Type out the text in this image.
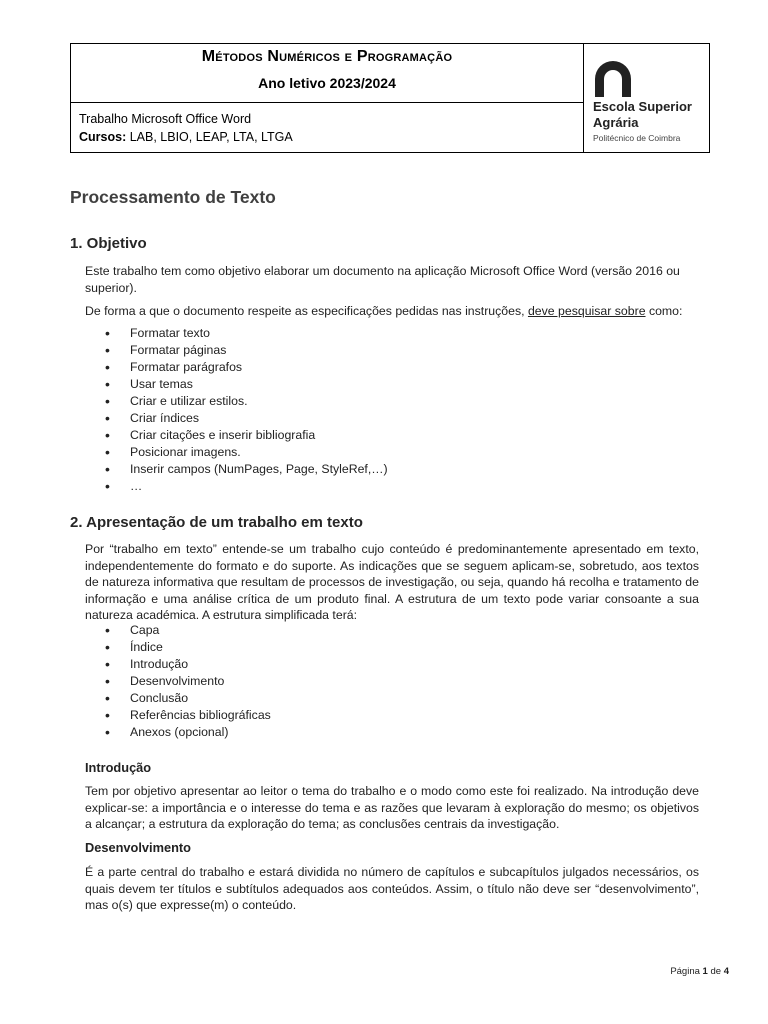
Métodos Numéricos e Programação
Ano letivo 2023/2024
Trabalho Microsoft Office Word
Cursos: LAB, LBIO, LEAP, LTA, LTGA
Escola Superior
Agrária
Politécnico de Coimbra
Processamento de Texto
1. Objetivo
Este trabalho tem como objetivo elaborar um documento na aplicação Microsoft Office Word (versão 2016 ou superior).
De forma a que o documento respeite as especificações pedidas nas instruções, deve pesquisar sobre como:
• Formatar texto
• Formatar páginas
• Formatar parágrafos
• Usar temas
• Criar e utilizar estilos.
• Criar índices
• Criar citações e inserir bibliografia
• Posicionar imagens.
• Inserir campos (NumPages, Page, StyleRef,…)
• …
2. Apresentação de um trabalho em texto
Por “trabalho em texto” entende-se um trabalho cujo conteúdo é predominantemente apresentado em texto, independentemente do formato e do suporte. As indicações que se seguem aplicam-se, sobretudo, aos textos de natureza informativa que resultam de processos de investigação, ou seja, quando há recolha e tratamento de informação e uma análise crítica de um produto final. A estrutura de um texto pode variar consoante a sua natureza académica. A estrutura simplificada terá:
• Capa
• Índice
• Introdução
• Desenvolvimento
• Conclusão
• Referências bibliográficas
• Anexos (opcional)
Introdução
Tem por objetivo apresentar ao leitor o tema do trabalho e o modo como este foi realizado. Na introdução deve explicar-se: a importância e o interesse do tema e as razões que levaram à exploração do mesmo; os objetivos a alcançar; a estrutura da exploração do tema; as conclusões centrais da investigação.
Desenvolvimento
É a parte central do trabalho e estará dividida no número de capítulos e subcapítulos julgados necessários, os quais devem ter títulos e subtítulos adequados aos conteúdos. Assim, o título não deve ser “desenvolvimento”, mas o(s) que expresse(m) o conteúdo.
Página 1 de 4
